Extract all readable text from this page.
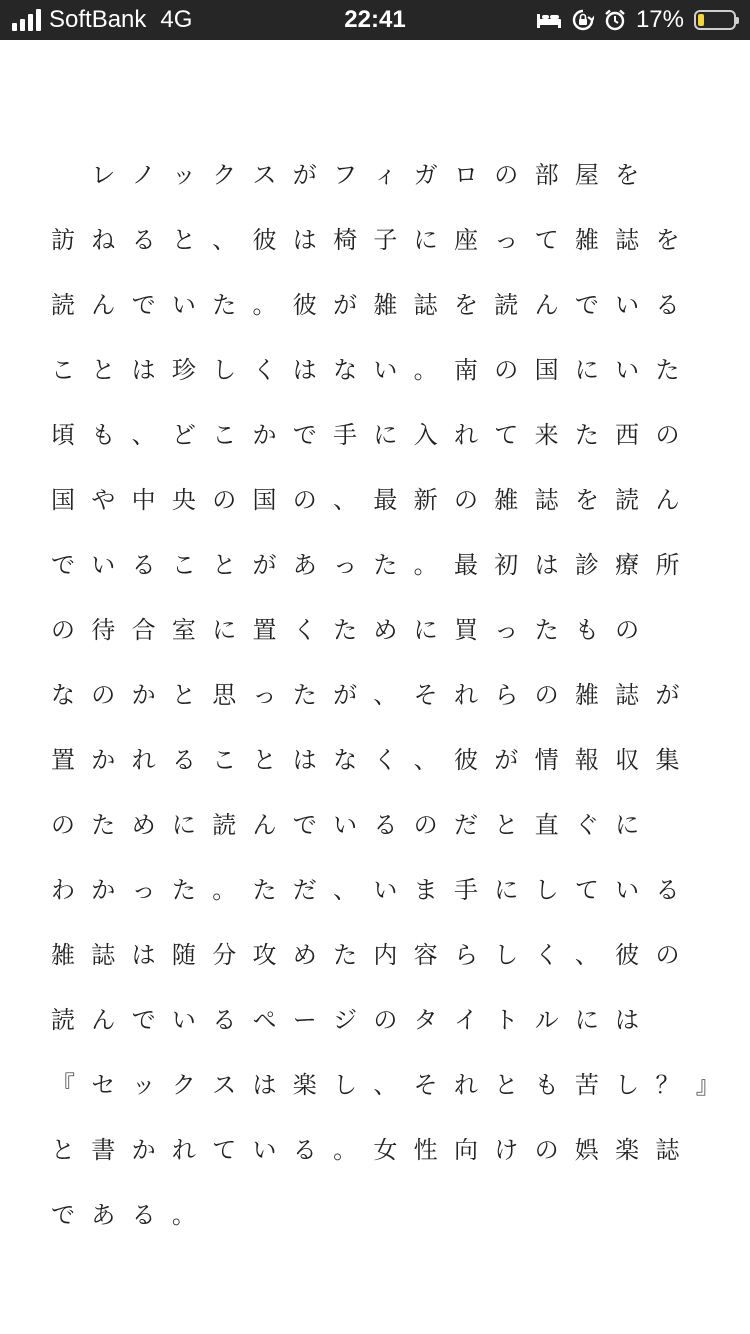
SoftBank 4G	22:41	17%

レ ノ ッ ク ス が フ ィ ガ ロ の 部 屋 を
訪 ね る と 、 彼 は 椅 子 に 座 っ て 雑 誌 を
読 ん で い た 。 彼 が 雑 誌 を 読 ん で い る
こ と は 珍 し く は な い 。 南 の 国 に い た
頃 も 、 ど こ か で 手 に 入 れ て 来 た 西 の
国 や 中 央 の 国 の 、 最 新 の 雑 誌 を 読 ん
で い る こ と が あ っ た 。 最 初 は 診 療 所
の 待 合 室 に 置 く た め に 買 っ た も の
な の か と 思 っ た が 、 そ れ ら の 雑 誌 が
置 か れ る こ と は な く 、 彼 が 情 報 収 集
の た め に 読 ん で い る の だ と 直 ぐ に
わ か っ た 。 た だ 、 い ま 手 に し て い る
雑 誌 は 随 分 攻 め た 内 容 ら し く 、 彼 の
読 ん で い る ペ ー ジ の タ イ ト ル に は
『 セ ッ ク ス は 楽 し 、 そ れ と も 苦 し ？ 』
と 書 か れ て い る 。 女 性 向 け の 娯 楽 誌
で あ る 。
